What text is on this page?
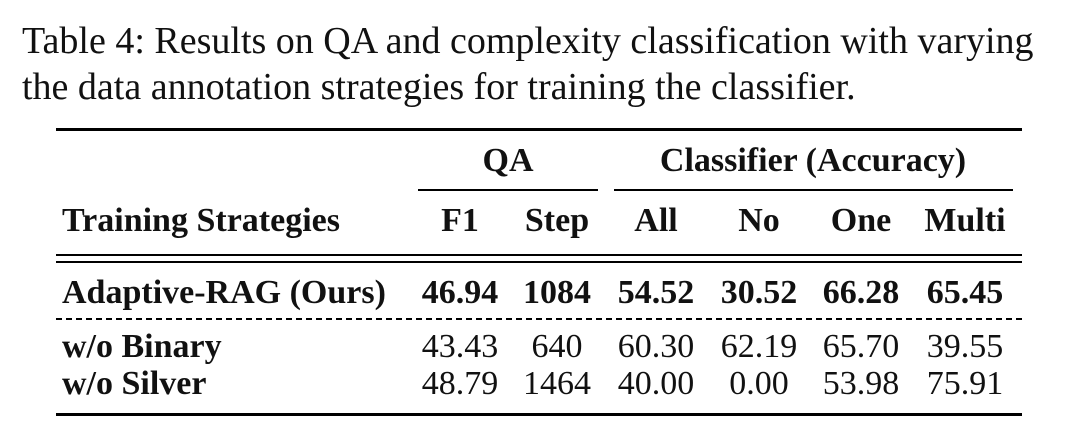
Table 4: Results on QA and complexity classification with varying the data annotation strategies for training the classifier.

QA	Classifier (Accuracy)
Training Strategies	F1 Step All No One Multi
Adaptive-RAG (Ours) 46.94 1084 54.52 30.52 66.28 65.45
w/o Binary	43.43 640 60.30 62.19 65.70 39.55
w/o Silver	48.79 1464 40.00 0.00 53.98 75.91
